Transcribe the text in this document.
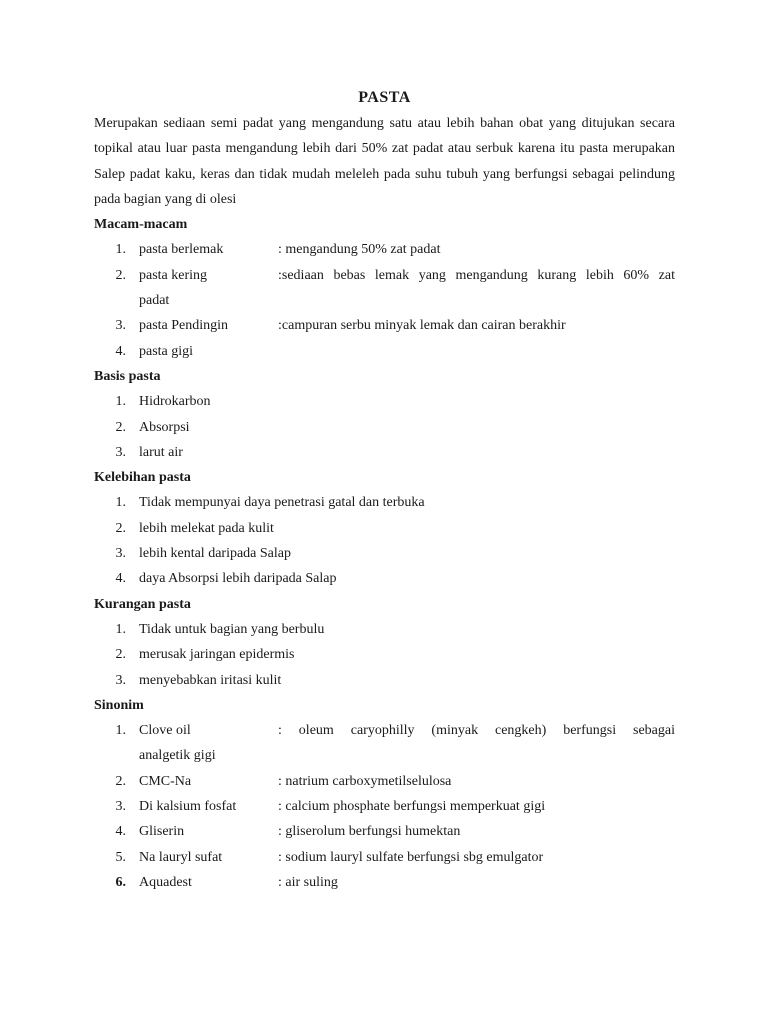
PASTA

Merupakan sediaan semi padat yang mengandung satu atau lebih bahan obat yang ditujukan secara topikal atau luar pasta mengandung lebih dari 50% zat padat atau serbuk karena itu pasta merupakan Salep padat kaku, keras dan tidak mudah meleleh pada suhu tubuh yang berfungsi sebagai pelindung pada bagian yang di olesi

Macam-macam
1. pasta berlemak	: mengandung 50% zat padat
2. pasta kering	:sediaan bebas lemak yang mengandung kurang lebih 60% zat
padat
3. pasta Pendingin	:campuran serbu minyak lemak dan cairan berakhir
4. pasta gigi
Basis pasta
1. Hidrokarbon
2. Absorpsi
3. larut air
Kelebihan pasta
1. Tidak mempunyai daya penetrasi gatal dan terbuka
2. lebih melekat pada kulit
3. lebih kental daripada Salap
4. daya Absorpsi lebih daripada Salap
Kurangan pasta
1. Tidak untuk bagian yang berbulu
2. merusak jaringan epidermis
3. menyebabkan iritasi kulit
Sinonim
1. Clove oil	: oleum caryophilly (minyak cengkeh) berfungsi sebagai
analgetik gigi
2. CMC-Na	: natrium carboxymetilselulosa
3. Di kalsium fosfat	: calcium phosphate berfungsi memperkuat gigi
4. Gliserin	: gliserolum berfungsi humektan
5. Na lauryl sufat	: sodium lauryl sulfate berfungsi sbg emulgator
6. Aquadest	: air suling
